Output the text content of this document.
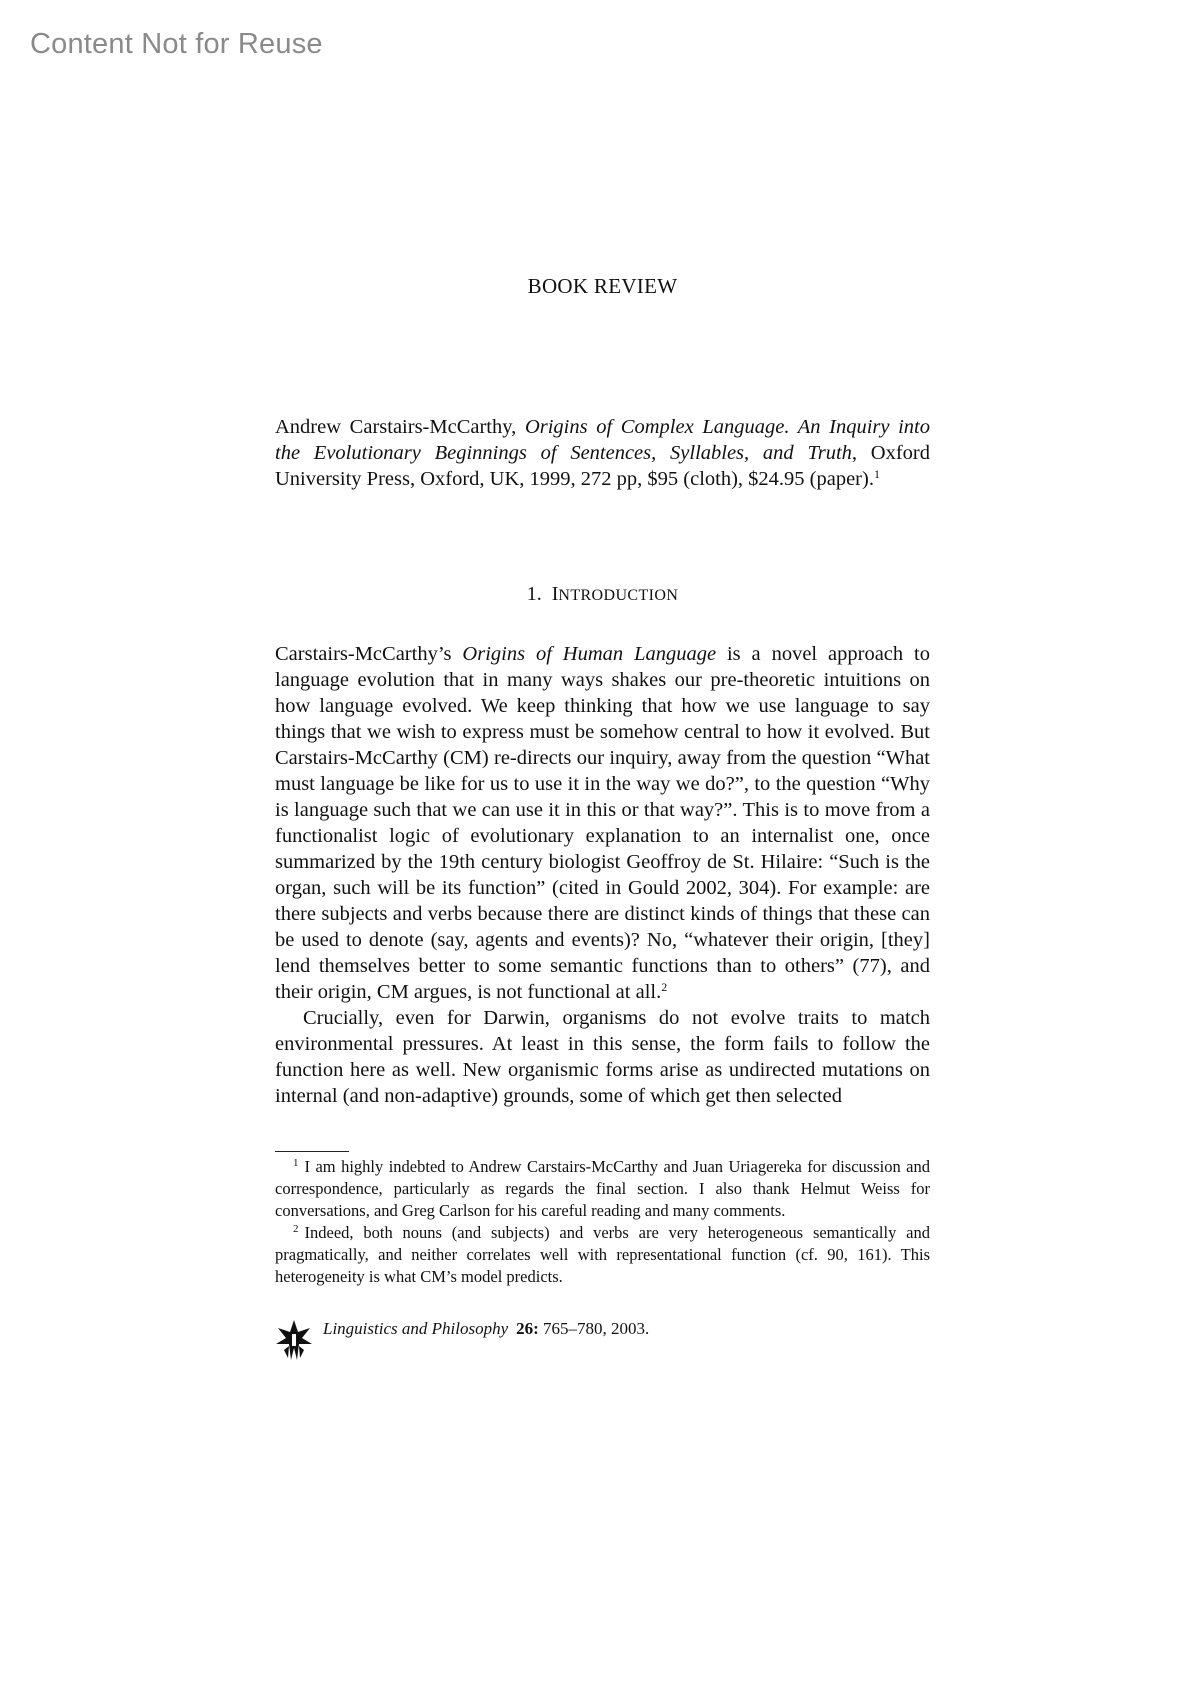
Content Not for Reuse
BOOK REVIEW
Andrew Carstairs-McCarthy, Origins of Complex Language. An Inquiry into the Evolutionary Beginnings of Sentences, Syllables, and Truth, Oxford University Press, Oxford, UK, 1999, 272 pp, $95 (cloth), $24.95 (paper).$^1$
1. INTRODUCTION

Carstairs-McCarthy’s Origins of Human Language is a novel approach to language evolution that in many ways shakes our pre-theoretic intuitions on how language evolved. We keep thinking that how we use language to say things that we wish to express must be somehow central to how it evolved. But Carstairs-McCarthy (CM) re-directs our inquiry, away from the question “What must language be like for us to use it in the way we do?”, to the question “Why is language such that we can use it in this or that way?”. This is to move from a functionalist logic of evolutionary explanation to an internalist one, once summarized by the 19th century biologist Geoffroy de St. Hilaire: “Such is the organ, such will be its function” (cited in Gould 2002, 304). For example: are there subjects and verbs because there are distinct kinds of things that these can be used to denote (say, agents and events)? No, “whatever their origin, [they] lend themselves better to some semantic functions than to others” (77), and their origin, CM argues, is not functional at all.$^2$

Crucially, even for Darwin, organisms do not evolve traits to match environmental pressures. At least in this sense, the form fails to follow the function here as well. New organismic forms arise as undirected mutations on internal (and non-adaptive) grounds, some of which get then selected

$^1$ I am highly indebted to Andrew Carstairs-McCarthy and Juan Uriagereka for discussion and correspondence, particularly as regards the final section. I also thank Helmut Weiss for conversations, and Greg Carlson for his careful reading and many comments.

$^2$ Indeed, both nouns (and subjects) and verbs are very heterogeneous semantically and pragmatically, and neither correlates well with representational function (cf. 90, 161). This heterogeneity is what CM’s model predicts.

Linguistics and Philosophy 26: 765–780, 2003.
